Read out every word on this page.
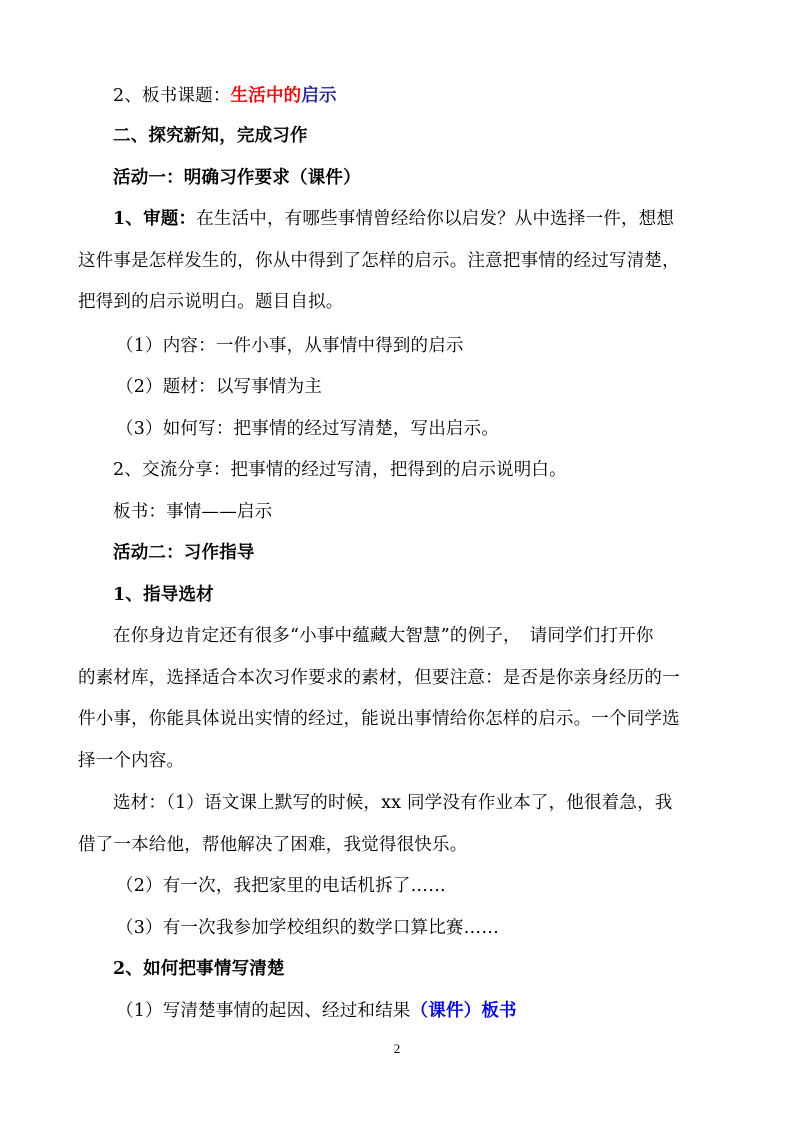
2、板书课题：生活中的启示

二、探究新知，完成习作

活动一：明确习作要求（课件）

1、审题：在生活中，有哪些事情曾经给你以启发？从中选择一件，想想

这件事是怎样发生的，你从中得到了怎样的启示。注意把事情的经过写清楚，

把得到的启示说明白。题目自拟。

（1）内容：一件小事，从事情中得到的启示

（2）题材：以写事情为主

（3）如何写：把事情的经过写清楚，写出启示。

2、交流分享：把事情的经过写清，把得到的启示说明白。

板书：事情——启示

活动二：习作指导

1、指导选材

在你身边肯定还有很多“小事中蕴藏大智慧”的例子，　请同学们打开你

的素材库，选择适合本次习作要求的素材，但要注意：是否是你亲身经历的一

件小事，你能具体说出实情的经过，能说出事情给你怎样的启示。一个同学选

择一个内容。

选材：（1）语文课上默写的时候，xx 同学没有作业本了，他很着急，我

借了一本给他，帮他解决了困难，我觉得很快乐。

（2）有一次，我把家里的电话机拆了……

（3）有一次我参加学校组织的数学口算比赛……

2、如何把事情写清楚

（1）写清楚事情的起因、经过和结果（课件）板书

2
